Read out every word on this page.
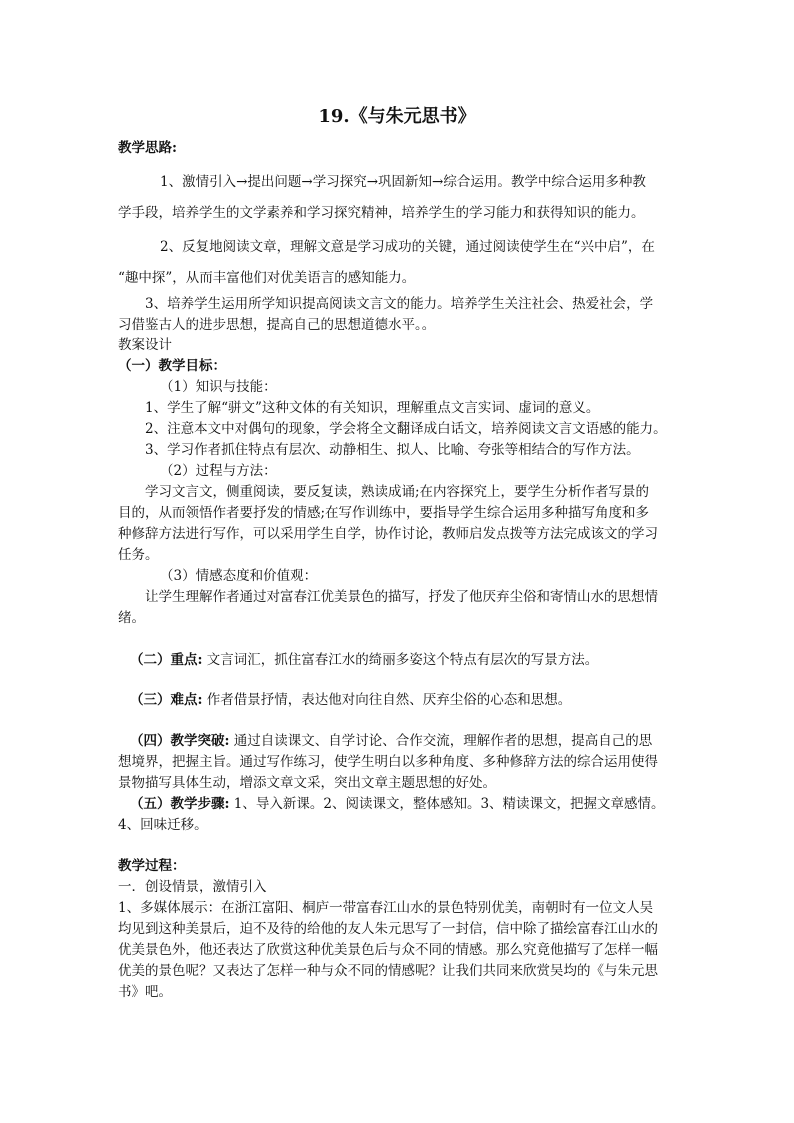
19.《与朱元思书》
教学思路:
1、激情引入→提出问题→学习探究→巩固新知→综合运用。教学中综合运用多种教
学手段，培养学生的文学素养和学习探究精神，培养学生的学习能力和获得知识的能力。
2、反复地阅读文章，理解文意是学习成功的关键，通过阅读使学生在“兴中启”，在
“趣中探”，从而丰富他们对优美语言的感知能力。
3、培养学生运用所学知识提高阅读文言文的能力。培养学生关注社会、热爱社会，学
习借鉴古人的进步思想，提高自己的思想道德水平。。
教案设计
（一）教学目标：
（1）知识与技能：
1、学生了解“骈文”这种文体的有关知识，理解重点文言实词、虚词的意义。
2、注意本文中对偶句的现象，学会将全文翻译成白话文，培养阅读文言文语感的能力。
3、学习作者抓住特点有层次、动静相生、拟人、比喻、夸张等相结合的写作方法。
（2）过程与方法：
学习文言文，侧重阅读，要反复读，熟读成诵;在内容探究上，要学生分析作者写景的
目的，从而领悟作者要抒发的情感;在写作训练中，要指导学生综合运用多种描写角度和多
种修辞方法进行写作，可以采用学生自学，协作讨论，教师启发点拨等方法完成该文的学习
任务。
（3）情感态度和价值观：
让学生理解作者通过对富春江优美景色的描写，抒发了他厌弃尘俗和寄情山水的思想情
绪。
（二）重点: 文言词汇，抓住富春江水的绮丽多姿这个特点有层次的写景方法。
（三）难点: 作者借景抒情，表达他对向往自然、厌弃尘俗的心态和思想。
（四）教学突破: 通过自读课文、自学讨论、合作交流，理解作者的思想，提高自己的思
想境界，把握主旨。通过写作练习，使学生明白以多种角度、多种修辞方法的综合运用使得
景物描写具体生动，增添文章文采，突出文章主题思想的好处。
（五）教学步骤: 1、导入新课。2、阅读课文，整体感知。3、精读课文，把握文章感情。
4、回味迁移。
教学过程：
一．创设情景，激情引入
1、多媒体展示：在浙江富阳、桐庐一带富春江山水的景色特别优美，南朝时有一位文人吴
均见到这种美景后，迫不及待的给他的友人朱元思写了一封信，信中除了描绘富春江山水的
优美景色外，他还表达了欣赏这种优美景色后与众不同的情感。那么究竟他描写了怎样一幅
优美的景色呢？又表达了怎样一种与众不同的情感呢？让我们共同来欣赏吴均的《与朱元思
书》吧。
